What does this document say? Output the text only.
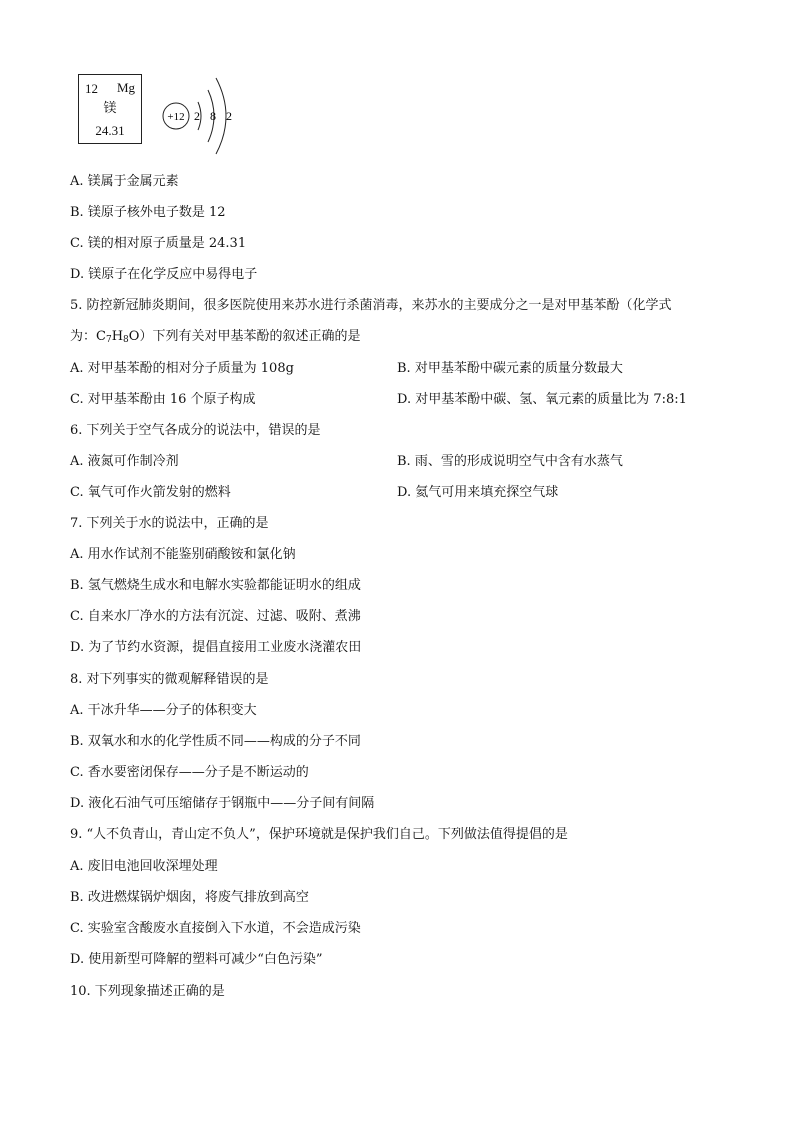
12 Mg
镁
24.31
+12 2 8 2
A. 镁属于金属元素
B. 镁原子核外电子数是 12
C. 镁的相对原子质量是 24.31
D. 镁原子在化学反应中易得电子
5. 防控新冠肺炎期间，很多医院使用来苏水进行杀菌消毒，来苏水的主要成分之一是对甲基苯酚（化学式
为：$C_7H_8O$）下列有关对甲基苯酚的叙述正确的是
A. 对甲基苯酚的相对分子质量为 108g	B. 对甲基苯酚中碳元素的质量分数最大
C. 对甲基苯酚由 16 个原子构成	D. 对甲基苯酚中碳、氢、氧元素的质量比为 7:8:1
6. 下列关于空气各成分的说法中，错误的是
A. 液氮可作制冷剂	B. 雨、雪的形成说明空气中含有水蒸气
C. 氧气可作火箭发射的燃料	D. 氦气可用来填充探空气球
7. 下列关于水的说法中，正确的是
A. 用水作试剂不能鉴别硝酸铵和氯化钠
B. 氢气燃烧生成水和电解水实验都能证明水的组成
C. 自来水厂净水的方法有沉淀、过滤、吸附、煮沸
D. 为了节约水资源，提倡直接用工业废水浇灌农田
8. 对下列事实的微观解释错误的是
A. 干冰升华——分子的体积变大
B. 双氧水和水的化学性质不同——构成的分子不同
C. 香水要密闭保存——分子是不断运动的
D. 液化石油气可压缩储存于钢瓶中——分子间有间隔
9. “人不负青山，青山定不负人”，保护环境就是保护我们自己。下列做法值得提倡的是
A. 废旧电池回收深埋处理
B. 改进燃煤锅炉烟囱，将废气排放到高空
C. 实验室含酸废水直接倒入下水道，不会造成污染
D. 使用新型可降解的塑料可减少“白色污染”
10. 下列现象描述正确的是
